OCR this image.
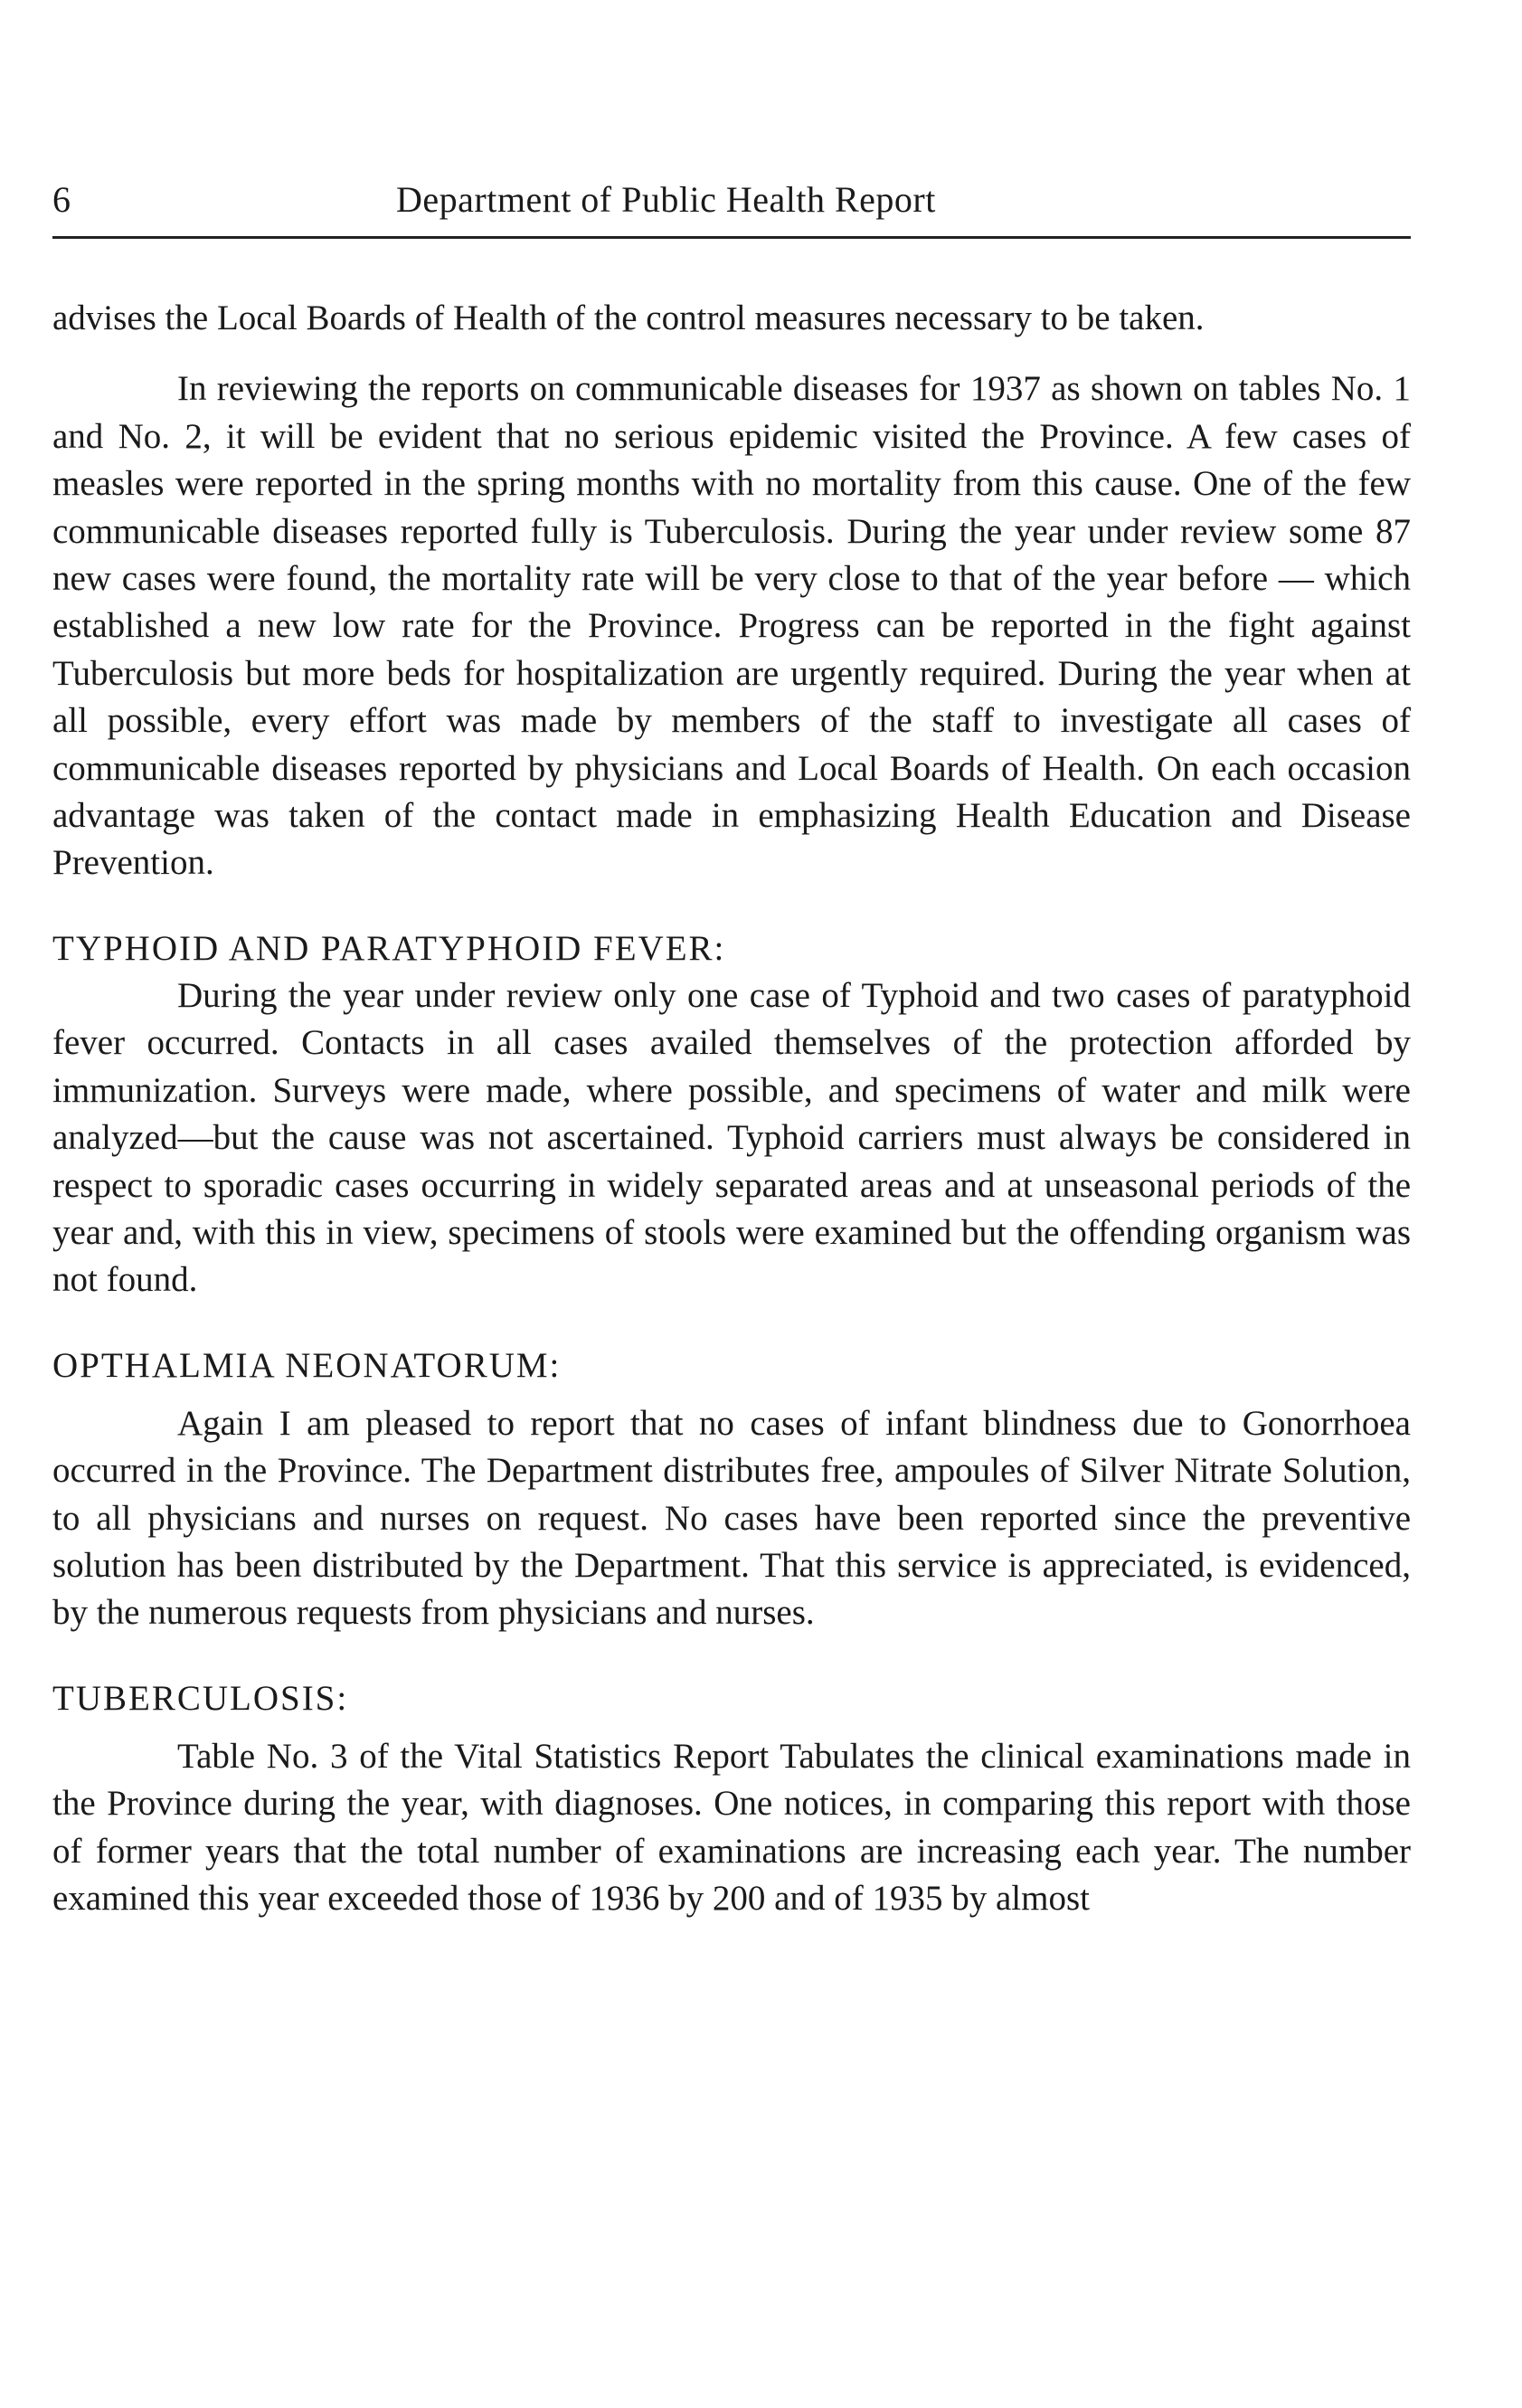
6	Department of Public Health Report

advises the Local Boards of Health of the control measures necessary to be taken.

In reviewing the reports on communicable diseases for 1937 as shown on tables No. 1 and No. 2, it will be evident that no serious epidemic visited the Province. A few cases of measles were reported in the spring months with no mortality from this cause. One of the few communicable diseases reported fully is Tuberculosis. During the year under review some 87 new cases were found, the mortality rate will be very close to that of the year before — which established a new low rate for the Province. Progress can be reported in the fight against Tuberculosis but more beds for hospitalization are urgently required. During the year when at all possible, every effort was made by members of the staff to investigate all cases of communicable diseases reported by physicians and Local Boards of Health. On each occasion advantage was taken of the contact made in emphasizing Health Education and Disease Prevention.

TYPHOID AND PARATYPHOID FEVER:

During the year under review only one case of Typhoid and two cases of paratyphoid fever occurred. Contacts in all cases availed themselves of the protection afforded by immunization. Surveys were made, where possible, and specimens of water and milk were analyzed—but the cause was not ascertained. Typhoid carriers must always be considered in respect to sporadic cases occurring in widely separated areas and at unseasonal periods of the year and, with this in view, specimens of stools were examined but the offending organism was not found.

OPTHALMIA NEONATORUM:

Again I am pleased to report that no cases of infant blindness due to Gonorrhoea occurred in the Province. The Department distributes free, ampoules of Silver Nitrate Solution, to all physicians and nurses on request. No cases have been reported since the preventive solution has been distributed by the Department. That this service is appreciated, is evidenced, by the numerous requests from physicians and nurses.

TUBERCULOSIS:

Table No. 3 of the Vital Statistics Report Tabulates the clinical examinations made in the Province during the year, with diagnoses. One notices, in comparing this report with those of former years that the total number of examinations are increasing each year. The number examined this year exceeded those of 1936 by 200 and of 1935 by almost
